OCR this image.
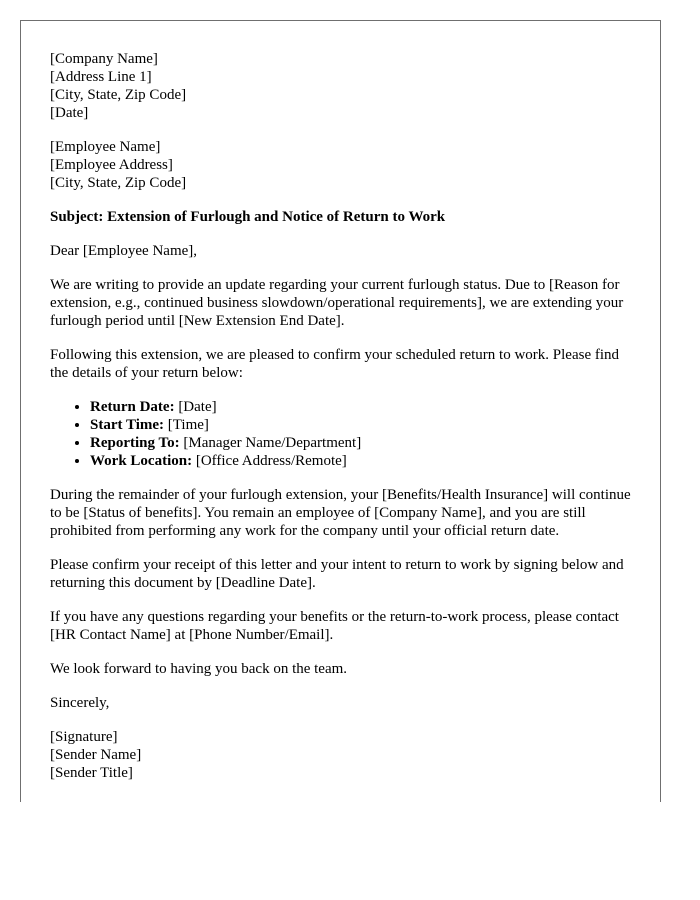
[Company Name]
[Address Line 1]
[City, State, Zip Code]
[Date]
[Employee Name]
[Employee Address]
[City, State, Zip Code]
Subject: Extension of Furlough and Notice of Return to Work

Dear [Employee Name],

We are writing to provide an update regarding your current furlough status. Due to [Reason for extension, e.g., continued business slowdown/operational requirements], we are extending your furlough period until [New Extension End Date].

Following this extension, we are pleased to confirm your scheduled return to work. Please find the details of your return below:

• Return Date: [Date]
• Start Time: [Time]
• Reporting To: [Manager Name/Department]
• Work Location: [Office Address/Remote]

During the remainder of your furlough extension, your [Benefits/Health Insurance] will continue to be [Status of benefits]. You remain an employee of [Company Name], and you are still prohibited from performing any work for the company until your official return date.

Please confirm your receipt of this letter and your intent to return to work by signing below and returning this document by [Deadline Date].

If you have any questions regarding your benefits or the return-to-work process, please contact [HR Contact Name] at [Phone Number/Email].

We look forward to having you back on the team.

Sincerely,

[Signature]
[Sender Name]
[Sender Title]
